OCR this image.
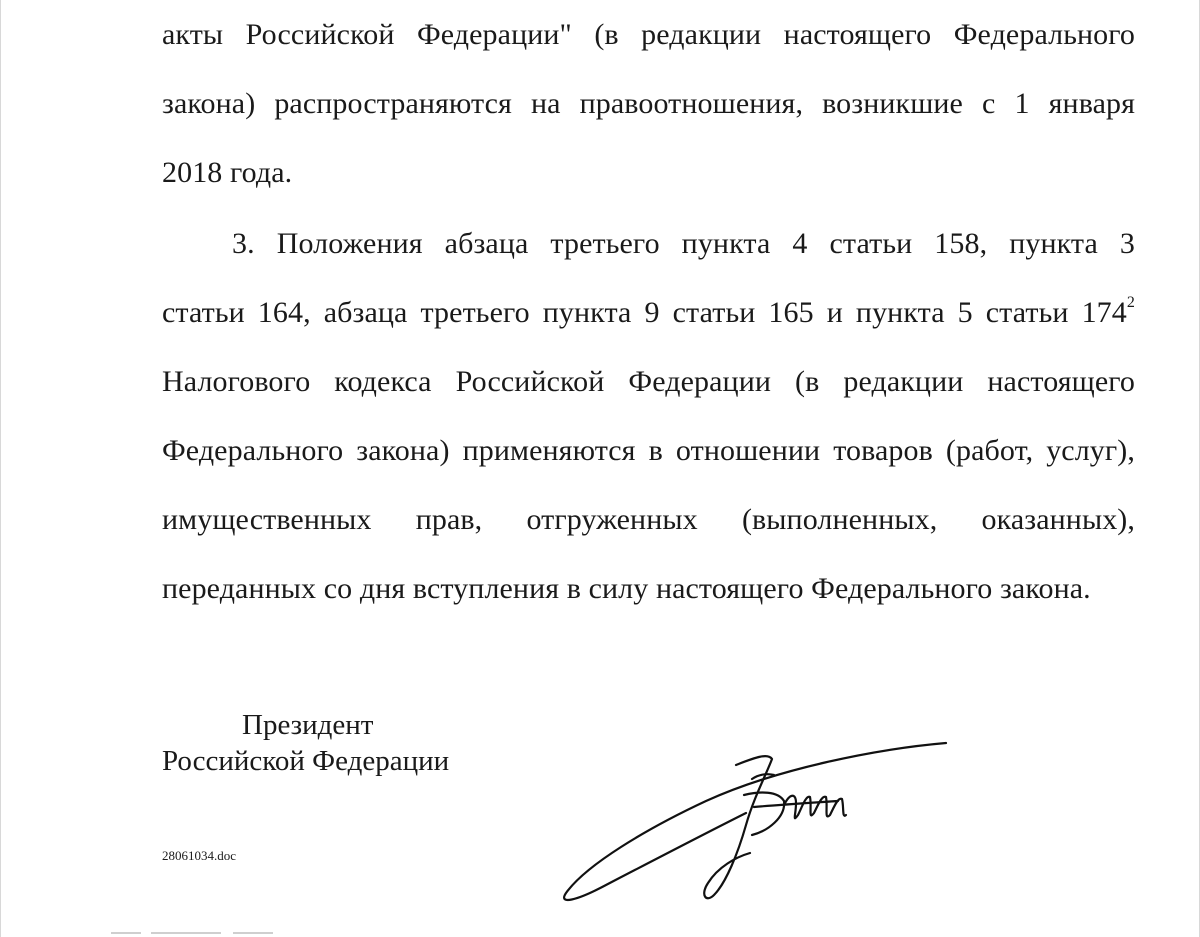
акты Российской Федерации" (в редакции настоящего Федерального
закона) распространяются на правоотношения, возникшие с 1 января
2018 года.
3. Положения абзаца третьего пункта 4 статьи 158, пункта 3
статьи 164, абзаца третьего пункта 9 статьи 165 и пункта 5 статьи $174^2$
Налогового кодекса Российской Федерации (в редакции настоящего
Федерального закона) применяются в отношении товаров (работ, услуг),
имущественных прав, отгруженных (выполненных, оказанных),
переданных со дня вступления в силу настоящего Федерального закона.
Президент
Российской Федерации
28061034.doc
